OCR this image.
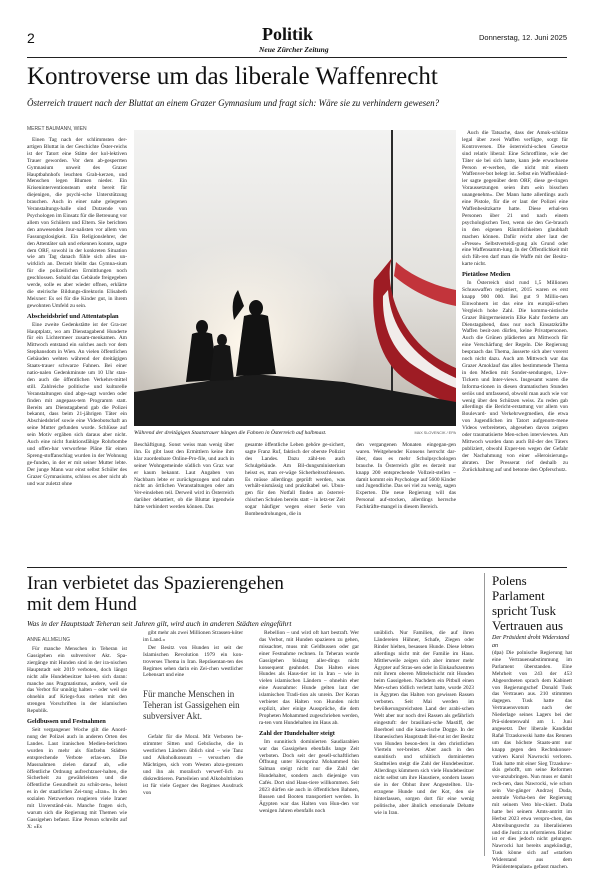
2	Politik
Neue Zürcher Zeitung
Donnerstag, 12. Juni 2025
Kontroverse um das liberale Waffenrecht
Österreich trauert nach der Bluttat an einem Grazer Gymnasium und fragt sich: Wäre sie zu verhindern gewesen?
MERET BAUMANN, WIEN

Einen Tag nach der schlimmsten der-artigen Bluttat in der Geschichte Öster-reichs ist der Tatort eine Stätte der kol-lektiven Trauer geworden. Vor dem ab-gesperrten Gymnasium unweit des Grazer Hauptbahnhofs leuchten Grab-kerzen, und Menschen legen Blumen nieder. Ein Kriseninterventionsteam steht bereit für diejenigen, die psychi-sche Unterstützung brauchen. Auch in einer nahe gelegenen Veranstaltungs-halle sind Dutzende von Psychologen im Einsatz für die Betreuung vor allem von Schülern und Eltern. Sie berichten den anwesenden Jour-nalisten vor allem von Fassungslosigkeit. Ein Religionslehrer, der den Attentäter sah und erkennen konnte, sagte dem ORF, sowohl in der konkreten Situation wie am Tag danach fühle sich alles un-wirklich an. Derzeit bleibt das Gymna-sium für die polizeilichen Ermittlungen noch geschlossen. Sobald das Gebäude freigegeben werde, solle es aber wieder offnen, erklärte die steirische Bildungs-direktorin Elisabeth Meixner: Es sei für die Kinder gut, in ihrem gewohnten Umfeld zu sein.

Abscheidsbrief und Attentatsplan

Eine zweite Gedenkstätte ist der Gra-zer Hauptplatz, wo am Dienstagabend Hunderte für ein Lichtermeer zusam-menkamen. Am Mittwoch entstand ein solches auch vor dem Stephansdom in Wien. An vielen öffentlichen Gebäuden wehten während der dreitägigen Staats-trauer schwarze Fahnen. Bei einer natio-nalen Gedenkminute um 10 Uhr stan-den auch die öffentlichen Verkehrs-mittel still. Zahlreiche politische und kulturelle Veranstaltungen sind abge-sagt worden oder finden mit angepass-tem Programm statt. Bereits am Dienstagabend gab die Polizei bekannt, dass beim 21-jährigen Täter ein Abschiedsbrief sowie eine Videobotschaft an seine Mutter gefunden wurde. Schlüsse auf sein Motiv ergäben sich daraus aber nicht. Auch eine nicht funktionsfähige Rohrbombe und offen-bar verworfene Pläne für einen Spreng-stoffanschlag wurden in der Wohnung ge-funden, in der er mit seiner Mutter lebte. Der junge Mann war einst selbst Schüler des Grazer Gymnasiums, schloss es aber nicht ab und war zuletzt ohne

Während der dreitägigen Staatstrauer hängen die Fahnen in Österreich auf halbmast.	MAX SLOVENCIK / EPA
Beschäftigung. Sonst weiss man wenig über ihn. Es gibt lasst den Ermittlern keine ihm klar zuordenbare Online-Pro-file, und auch in seiner Wohngemeinde südlich von Graz war er kaum bekannt. Laut Angaben von Nachbarn lebte er zurückgezogen und nahm nicht an örtlichen Veranstaltungen oder am Ver-einsleben teil. Derweil wird in Österreich darüber debattiert, ob die Bluttat irgendwie hätte verhindert werden können. Das
gesamte öffentliche Leben gehöre ge-sichert, sagte Franz Ruf, faktisch der oberste Polizist des Landes. Dazu zähl-ten auch Schulgebäude. Am Bil-dungsministerium heisst es, man er-wäge Sicherheitsschleusen. Es müsse allerdings geprüft werden, was verhält-nismässig und praktikabel sei. Ubun-gen für den Notfall finden an österrei-chischen Schulen bereits statt – in letz-ter Zeit sogar häufiger wegen einer Serie von Bombendrohungen, die in
den vergangenen Monaten eingegan-gen waren. Weitgehender Konsens herrscht dar-über, dass es mehr Schulpsychologen brauche. In Österreich gibt es derzeit nur knapp 200 entsprechende Vollzeit-stellen – damit kommt ein Psychologe auf 5600 Kinder und Jugendliche. Das sei viel zu wenig, sagen Experten. Die neue Regierung will das Personal auf-stocken, allerdings herrsche Fachkräfte-mangel in diesem Bereich.

Auch die Tatsache, dass der Amok-schütze legal über zwei Waffen verfügte, sorgt für Kontroversen. Die österreichi-schen Gesetze sind relativ liberal: Eine Schrotflinte, wie der Täter sie bei sich hatte, kann jede erwachsene Person er-werben, die nicht mit einem Waffenver-bot belegt ist. Selbst ein Waffenhänd-ler sagte gegenüber dem ORF, diese ge-ringen Voraussetzungen seien ihm «ein bisschen unangenehm». Der Mann hatte allerdings auch eine Pistole, für die er laut der Polizei eine Waffenbesitzkarte hatte. Diese erhal-ten Personen über 21 und nach einem psychologischen Test, wenn sie den Ge-brauch in den eigenen Räumlichkeiten glaubhaft machen können. Dafür reicht aber laut der «Presse» Selbstverteidi-gung als Grund oder eine Waffensamm-lung. In der Öffentlichkeit mit sich füh-ren darf man die Waffe mit der Besitz-karte nicht.

Pietätlose Medien

In Österreich sind rund 1,5 Millionen Schusswaffen registriert, 2015 waren es erst knapp 900 000. Bei gut 9 Millio-nen Einwohnern ist das eine im europäi-schen Vergleich hohe Zahl. Die kommu-nistische Grazer Bürgermeisterin Elke Kahr forderte am Dienstagabend, dass nur noch Einsatzkräfte Waffen besit-zen dürfen, keine Privatpersonen. Auch die Grünen plädierten am Mittwoch für eine Verschärfung der Regeln. Die Regierung bespraach das Thema, äusserte sich aber vorerst noch nicht dazu. Auch am Mittwoch war das Grazer Amoklauf das alles bestimmende Thema in den Medien mit Sonder-sendungen, Live-Tickern und Inter-views. Insgesamt waren die Informa-tionen in diesen dramatischen Stunden seriös und umfassend, obwohl man auch wie vor wenig über den Schützen weiss. Zu reden gab allerdings die Bericht-erstattung vor allem von Boulevard- und Verkehrwegmedien, die etwa von Jugendlichen im Tatort aufgenom-mene Videos verbreiteten, abgesehen davon zeigten oder traumatisierte Men-schen interviewten. Am Mittwoch wurden dann auch Bil-der des Täters publiziert, obwohl Exper-ten wegen der Gefahr der Nachahmung von einer «Heroisierung» abraten. Der Presserat rief deshalb zu Zurückhaltung auf und betonte den Opferschutz.

Iran verbietet das Spazierengehen
mit dem Hund
Was in der Hauptstadt Teheran seit Jahren gilt, wird auch in anderen Städten eingeführt
ANNE ALLMELING

Für manche Menschen in Teheran ist Gassigehen ein subversiver Akt. Spa-ziergänge mit Hunden sind in der ira-nischen Hauptstadt seit 2019 verboten, doch längst nicht alle Hundebesitzer hal-ten sich daran: manche aus Pragmatismus, andere, weil sie das Verbot für unnötig halten – oder weil sie ohnehin auf Kriegs-fuss stehen mit den strengen Vorschriften in der islamischen Republik.

Geldbussen und Festnahmen

Seit vergangener Woche gilt die Anord-nung der Polizei auch in anderen Orten des Landes. Laut iranischen Medien-berichten wurden in mehr als fünfzehn Städten entsprechende Verbote erlas-sen. Die Massnahmen zielen darauf ab, «die öffentliche Ordnung aufrechtzuer-halten, die Sicherheit zu gewährleisten und die öffentliche Gesundheit zu schüt-zen», heisst es in der staatlichen Zei-tung «Iran». In den sozialen Netzwerken reagieren viele Iraner mit Unverständ-nis. Manche fragen sich, warum sich die Regierung mit Themen wie Gassigehen befasst. Eine Person schreibt auf X: «Es

gibt mehr als zwei Millionen Strassen-köter im Land.»

Der Besitz von Hunden ist seit der Islamischen Revolution 1979 ein kon-troverses Thema in Iran. Repräsentan-ten des Regimes sehen darin ein Zei-chen westlicher Lebensart und eine

Für manche Menschen in Teheran ist Gassigehen ein subversiver Akt.

Gefahr für die Moral. Mit Verboten be-stimmter Sitten und Gebräuche, die in westlichen Ländern üblich sind – wie Tanz und Alkoholkonsum – versuchen die Mächtigen, sich vom Westen abzu-grenzen und ihn als moralisch verwerf-lich zu diskreditieren. Parteileien und Alkoholtrinken ist für viele Gegner des Regimes Ausdruck von

Rebellion – und wird oft hart bestraft. Wer das Verbot, mit Hunden spazieren zu gehen, missachtet, muss mit Geldbussen oder gar einer Festnahme rechnen. In Teheran wurde Gassigehen bislang aller-dings nicht konsequent geahndet. Das Halten eines Hundes als Haus-tier ist in Iran – wie in vielen islamischen Ländern – ohnehin eher eine Ausnahme: Hunde gelten laut der islamischen Tradi-tion als unrein. Der Koran verbietet das Halten von Hunden nicht explizit, aber einige Aussprüche, die dem Propheten Mohammed zugeschrieben werden, ra-ten vom Hundehalten im Haus ab.

Zahl der Hundehalter steigt

Im sunnitisch dominierten Saudiarabien war das Gassigehen ebenfalls lange Zeit verboten. Doch seit der gesell-schaftlichen Öffnung unter Kronprinz Mohammed bin Salman steigt nicht nur die Zahl der Hundehalter, sondern auch diejenige von Cafés. Dort sind Haus-tiere willkommen. Seit 2023 dürfen sie auch in öffentlichen Bahnen, Bussen und Booten transportiert werden. In Ägypten war das Halten von Hun-den vor wenigen Jahren ebenfalls noch

unüblich. Nur Familien, die auf ihren Ländereien Hühner, Schafe, Ziegen oder Rinder hielten, besassen Hunde. Diese lebten allerdings nicht mit der Familie im Haus. Mittlerweile zeigen sich aber immer mehr Ägypter auf Stras-sen oder in Einkaufszentren mit ihrem oberen Mittelschicht mit Hunden beim Gassigehen. Nachdem ein Pitbull einen Men-schen tödlich verletzt hatte, wurde 2023 in Ägypten das Halten von gewissen Rassen verboten. Seit Mai werden im bevölkerungsreichsten Land der arabi-schen Welt aber nur noch drei Rassen als gefährlich eingestuft: der brasiliani-sche Mastiff, der Boerboel und die kana-rische Dogge. In der libanesischen Hauptstadt Bei-rut ist der Besitz von Hunden beson-ders in den christlichen Vierteln ver-breitet. Aber auch in den sunnitisch und schiitisch dominierten Stadtteilen steigt die Zahl der Hundebesitzer. Allerdings kümmern sich viele Hundebesitzer nicht selbst um ihre Haustiere, sondern lassen sie in der Obhut ihrer Angestellten. Un-erzogene Hunde und der Kot, den sie hinterlassen, sorgen dort für eine wenig politische, aber ähnlich emotionale Debatte wie in Iran.
Polens Parlament spricht Tusk Vertrauen aus
Der Präsident droht Widerstand an
(dpa) Die polnische Regierung hat eine Vertrauensabstimmung im Parlament überstanden. Eine Mehrheit von 243 der 453 Abgeordneten sprach dem Kabinett von Regierungschef Donald Tusk das Vertrauen aus. 210 stimmten dagegen. Tusk hatte das Vertrauensvotum nach der Niederlage seines Lagers bei der Prä-sidentenwahl am 1. Juni angesetzt. Der liberale Kandidat Rafał Trzaskowski hatte das Rennen um das höchste Staats-amt nur knapp gegen den Rechtskonser-vativen Karol Nawrocki verloren. Tusk hatte mit einer Sieg Trzaskow-skis gehofft, um seine Reformen vor-anzubringen. Nun muss er damit rech-nen, dass Nawrocki, wie schon sein Vor-gänger Andrzej Duda, zentrale Vorha-ben der Regierung mit seinem Veto blo-ckiert. Duda hatte bei seinem Amts-antritt im Herbst 2023 etwa verspro-chen, das Abtreibungsrecht zu liberalisieren und die Justiz zu reformieren. Bisher ist er dies jedoch nicht gelungen. Nawrocki hat bereits angekündigt, Tusk könne sich auf «starken Widerstand aus dem Präsidentenpalast» gefasst machen.
